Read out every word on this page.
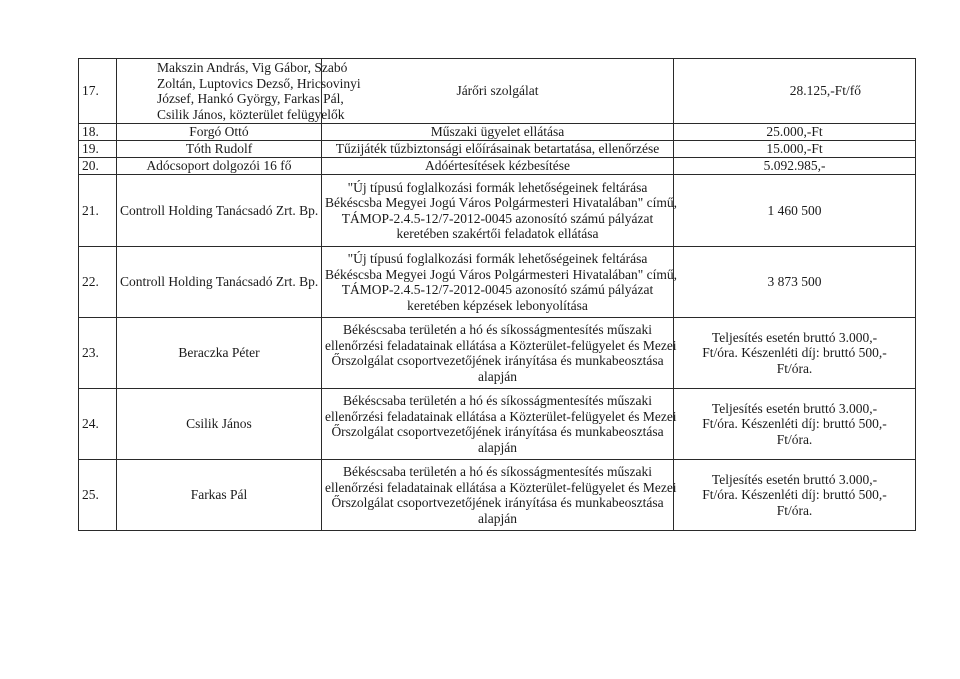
17.	Makszin András, Vig Gábor, Szabó
Zoltán, Luptovics Dezső, Hricsovinyi
József, Hankó György, Farkas Pál,
Csilik János, közterület felügyelők	Járőri szolgálat	28.125,-Ft/fő

18.	Forgó Ottó	Műszaki ügyelet ellátása	25.000,-Ft

19.	Tóth Rudolf	Tűzijáték tűzbiztonsági előírásainak betartatása, ellenőrzése	15.000,-Ft

20.	Adócsoport dolgozói 16 fő	Adóértesítések kézbesítése	5.092.985,-

21.	Controll Holding Tanácsadó Zrt. Bp.	"Új típusú foglalkozási formák lehetőségeinek feltárása
Békéscsba Megyei Jogú Város Polgármesteri Hivatalában" című,
TÁMOP-2.4.5-12/7-2012-0045 azonosító számú pályázat
keretében szakértői feladatok ellátása	1 460 500

22.	Controll Holding Tanácsadó Zrt. Bp.	"Új típusú foglalkozási formák lehetőségeinek feltárása
Békéscsba Megyei Jogú Város Polgármesteri Hivatalában" című,
TÁMOP-2.4.5-12/7-2012-0045 azonosító számú pályázat
keretében képzések lebonyolítása	3 873 500

23.	Beraczka Péter	Békéscsaba területén a hó és síkosságmentesítés műszaki
ellenőrzési feladatainak ellátása a Közterület-felügyelet és Mezei
Őrszolgálat csoportvezetőjének irányítása és munkabeosztása
alapján	Teljesítés esetén bruttó 3.000,-
Ft/óra. Készenléti díj: bruttó 500,-
Ft/óra.

24.	Csilik János	Békéscsaba területén a hó és síkosságmentesítés műszaki
ellenőrzési feladatainak ellátása a Közterület-felügyelet és Mezei
Őrszolgálat csoportvezetőjének irányítása és munkabeosztása
alapján	Teljesítés esetén bruttó 3.000,-
Ft/óra. Készenléti díj: bruttó 500,-
Ft/óra.

25.	Farkas Pál	Békéscsaba területén a hó és síkosságmentesítés műszaki
ellenőrzési feladatainak ellátása a Közterület-felügyelet és Mezei
Őrszolgálat csoportvezetőjének irányítása és munkabeosztása
alapján	Teljesítés esetén bruttó 3.000,-
Ft/óra. Készenléti díj: bruttó 500,-
Ft/óra.
